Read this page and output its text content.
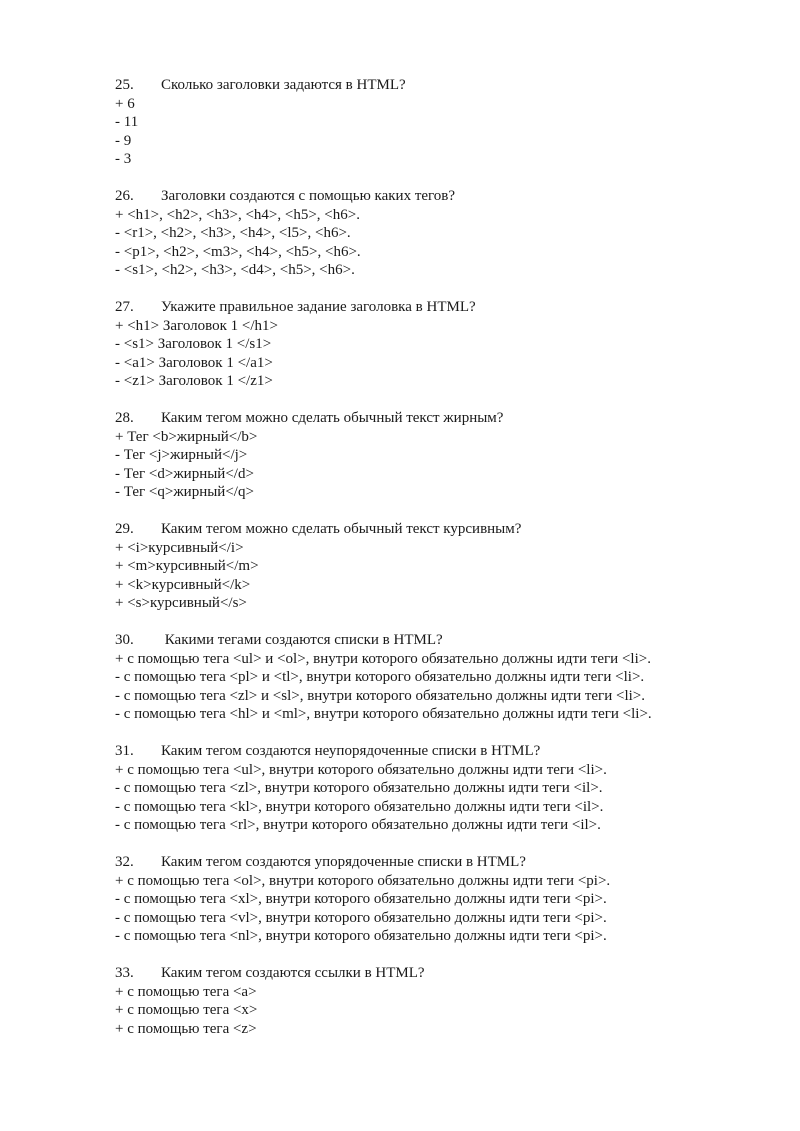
25.	Сколько заголовки задаются в HTML?
+ 6
- 11
- 9
- 3
26.	Заголовки создаются с помощью каких тегов?
+ <h1>, <h2>, <h3>, <h4>, <h5>, <h6>.
- <r1>, <h2>, <h3>, <h4>, <l5>, <h6>.
- <p1>, <h2>, <m3>, <h4>, <h5>, <h6>.
- <s1>, <h2>, <h3>, <d4>, <h5>, <h6>.
27.	Укажите правильное задание заголовка в HTML?
+ <h1> Заголовок 1 </h1>
- <s1> Заголовок 1 </s1>
- <a1> Заголовок 1 </a1>
- <z1> Заголовок 1 </z1>
28.	Каким тегом можно сделать обычный текст жирным?
+ Тег <b>жирный</b>
- Тег <j>жирный</j>
- Тег <d>жирный</d>
- Тег <q>жирный</q>
29.	Каким тегом можно сделать обычный текст курсивным?
+ <i>курсивный</i>
+ <m>курсивный</m>
+ <k>курсивный</k>
+ <s>курсивный</s>
30.	Какими тегами создаются списки в HTML?
+ с помощью тега <ul> и <ol>, внутри которого обязательно должны идти теги <li>.
- с помощью тега <pl> и <tl>, внутри которого обязательно должны идти теги <li>.
- с помощью тега <zl> и <sl>, внутри которого обязательно должны идти теги <li>.
- с помощью тега <hl> и <ml>, внутри которого обязательно должны идти теги <li>.
31.	Каким тегом создаются неупорядоченные списки в HTML?
+ с помощью тега <ul>, внутри которого обязательно должны идти теги <li>.
- с помощью тега <zl>, внутри которого обязательно должны идти теги <il>.
- с помощью тега <kl>, внутри которого обязательно должны идти теги <il>.
- с помощью тега <rl>, внутри которого обязательно должны идти теги <il>.
32.	Каким тегом создаются упорядоченные списки в HTML?
+ с помощью тега <ol>, внутри которого обязательно должны идти теги <pi>.
- с помощью тега <xl>, внутри которого обязательно должны идти теги <pi>.
- с помощью тега <vl>, внутри которого обязательно должны идти теги <pi>.
- с помощью тега <nl>, внутри которого обязательно должны идти теги <pi>.
33.	Каким тегом создаются ссылки в HTML?
+ с помощью тега <a>
+ с помощью тега <x>
+ с помощью тега <z>
